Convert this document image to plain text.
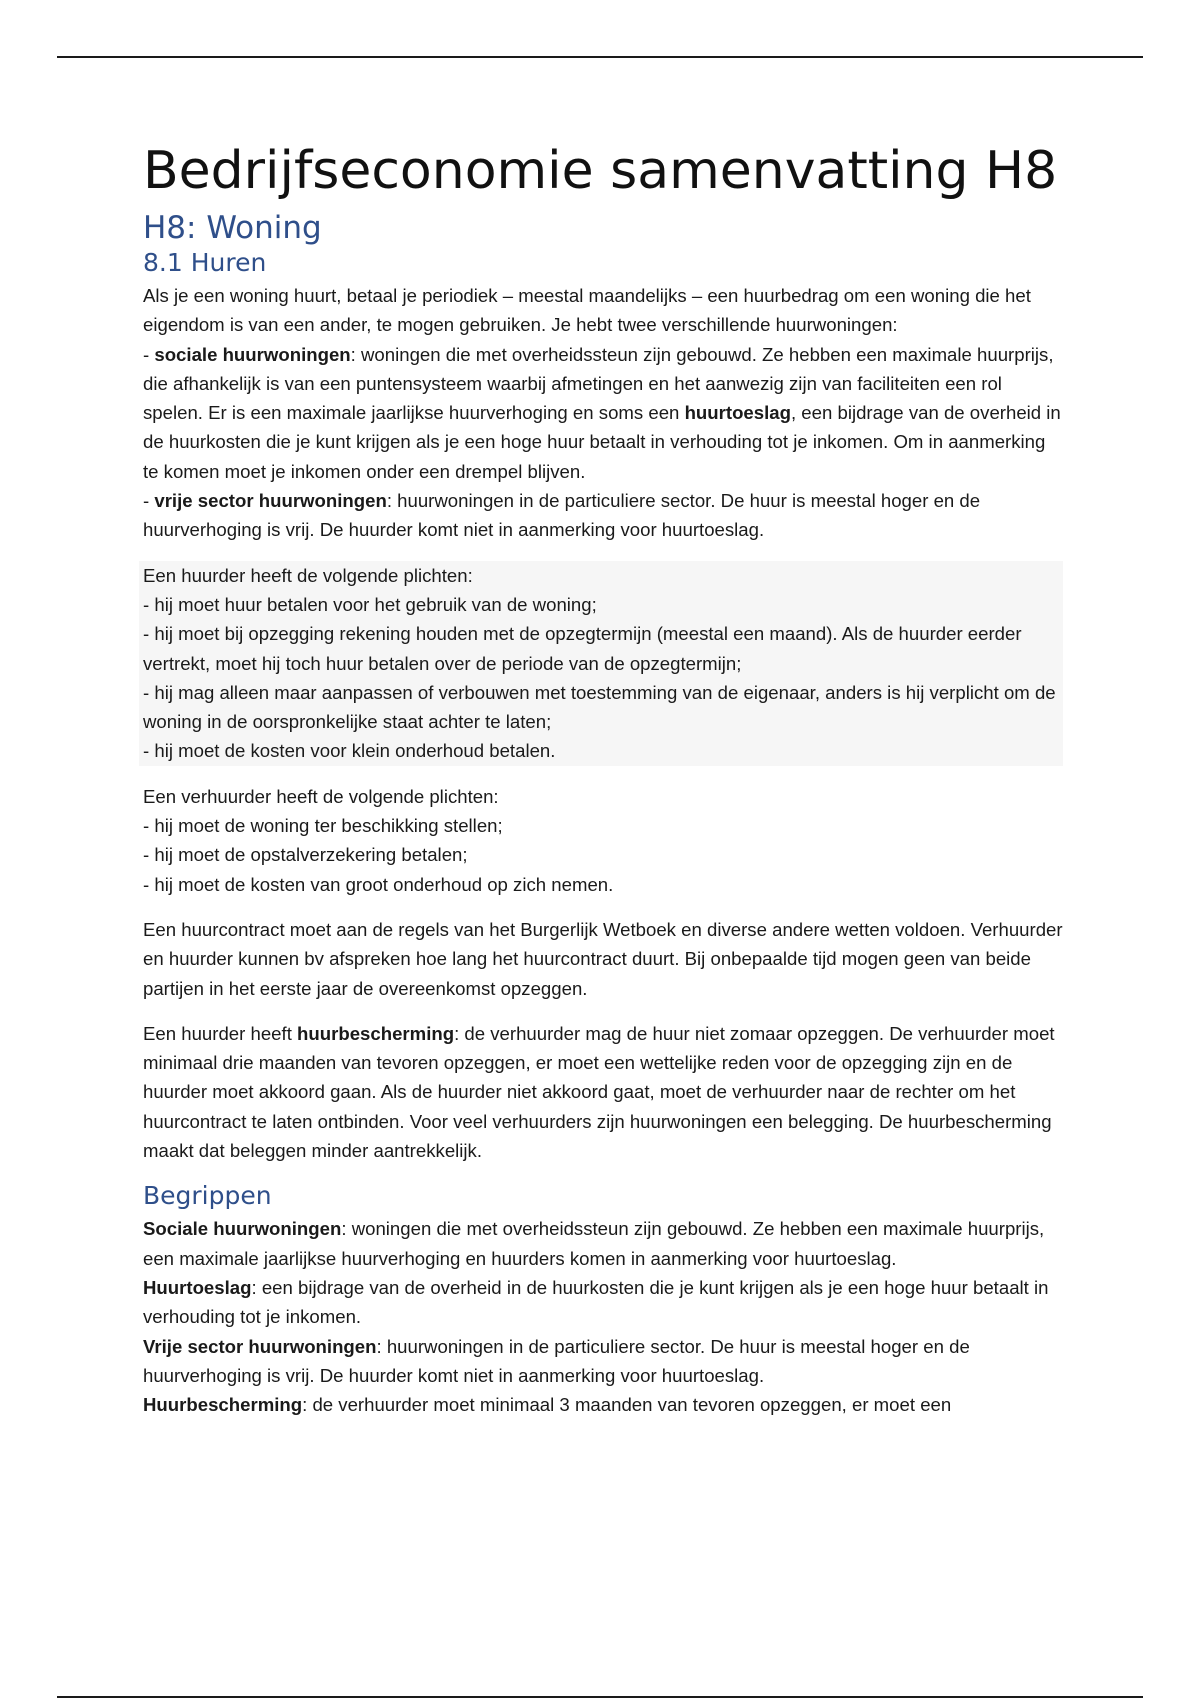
Bedrijfseconomie samenvatting H8
H8: Woning
8.1 Huren

Als je een woning huurt, betaal je periodiek – meestal maandelijks – een huurbedrag om een woning die het eigendom is van een ander, te mogen gebruiken. Je hebt twee verschillende huurwoningen:
- sociale huurwoningen: woningen die met overheidssteun zijn gebouwd. Ze hebben een maximale huurprijs, die afhankelijk is van een puntensysteem waarbij afmetingen en het aanwezig zijn van faciliteiten een rol spelen. Er is een maximale jaarlijkse huurverhoging en soms een huurtoeslag, een bijdrage van de overheid in de huurkosten die je kunt krijgen als je een hoge huur betaalt in verhouding tot je inkomen. Om in aanmerking te komen moet je inkomen onder een drempel blijven.
- vrije sector huurwoningen: huurwoningen in de particuliere sector. De huur is meestal hoger en de huurverhoging is vrij. De huurder komt niet in aanmerking voor huurtoeslag.

Een huurder heeft de volgende plichten:
- hij moet huur betalen voor het gebruik van de woning;
- hij moet bij opzegging rekening houden met de opzegtermijn (meestal een maand). Als de huurder eerder vertrekt, moet hij toch huur betalen over de periode van de opzegtermijn;
- hij mag alleen maar aanpassen of verbouwen met toestemming van de eigenaar, anders is hij verplicht om de woning in de oorspronkelijke staat achter te laten;
- hij moet de kosten voor klein onderhoud betalen.

Een verhuurder heeft de volgende plichten:
- hij moet de woning ter beschikking stellen;
- hij moet de opstalverzekering betalen;
- hij moet de kosten van groot onderhoud op zich nemen.

Een huurcontract moet aan de regels van het Burgerlijk Wetboek en diverse andere wetten voldoen. Verhuurder en huurder kunnen bv afspreken hoe lang het huurcontract duurt. Bij onbepaalde tijd mogen geen van beide partijen in het eerste jaar de overeenkomst opzeggen.

Een huurder heeft huurbescherming: de verhuurder mag de huur niet zomaar opzeggen. De verhuurder moet minimaal drie maanden van tevoren opzeggen, er moet een wettelijke reden voor de opzegging zijn en de huurder moet akkoord gaan. Als de huurder niet akkoord gaat, moet de verhuurder naar de rechter om het huurcontract te laten ontbinden. Voor veel verhuurders zijn huurwoningen een belegging. De huurbescherming maakt dat beleggen minder aantrekkelijk.

Begrippen
Sociale huurwoningen: woningen die met overheidssteun zijn gebouwd. Ze hebben een maximale huurprijs, een maximale jaarlijkse huurverhoging en huurders komen in aanmerking voor huurtoeslag.
Huurtoeslag: een bijdrage van de overheid in de huurkosten die je kunt krijgen als je een hoge huur betaalt in verhouding tot je inkomen.
Vrije sector huurwoningen: huurwoningen in de particuliere sector. De huur is meestal hoger en de huurverhoging is vrij. De huurder komt niet in aanmerking voor huurtoeslag.
Huurbescherming: de verhuurder moet minimaal 3 maanden van tevoren opzeggen, er moet een
